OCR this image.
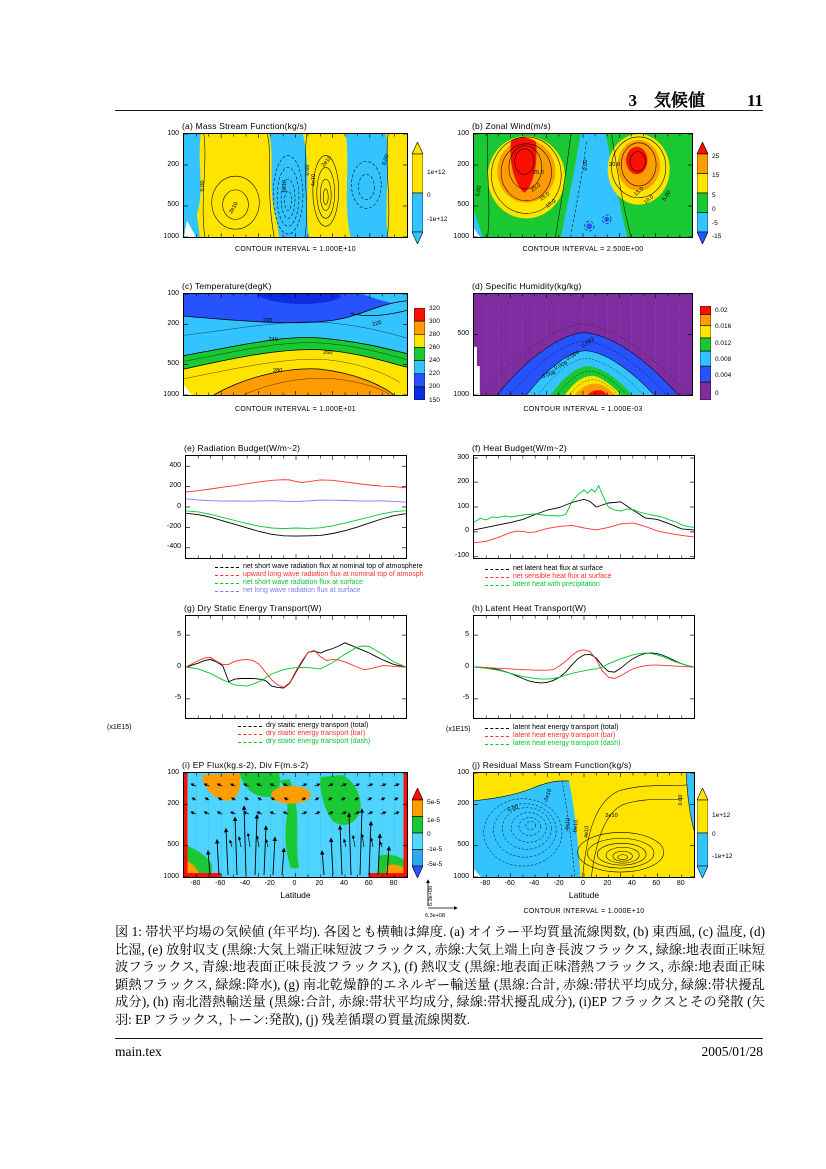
3  気候値 11
(a) Mass Stream Function(kg/s)
0.00
2e10
6e10	4e10
2e10
0.00
0.00
100
200
500
1000
CONTOUR INTERVAL = 1.000E+10
1e+12
0
-1e+12
(b) Zonal Wind(m/s)
25.0
20.0
15.0
10.0
0.00	20.0
15.0
10.0 5.00
5.00
100
200
500
1000
CONTOUR INTERVAL = 2.500E+00
25
15
5
0
-5
-15
(c) Temperature(degK)
220	220
240
260
280
100
200
500
1000
CONTOUR INTERVAL = 1.000E+01
320
300
280
260
240
220
200
150
(d) Specific Humidity(kg/kg)
0.002
0.004
0.006
0.008
500
1000
CONTOUR INTERVAL = 1.000E-03
0.02
0.016
0.012
0.008
0.004
0
(e) Radiation Budget(W/m~2)
400
200
0
-200
-400
(f) Heat Budget(W/m~2)
300
200
100
0
-100
(g) Dry Static Energy Transport(W)
5
0
-5
(h) Latent Heat Transport(W)
5
0
-5
(i) EP Flux(kg.s-2), Div F(m.s-2)
100
200
500
1000
-80	-60	-40	-20	0	20	40	60	80
Latitude
5e-5
1e-5
0
-1e-5
-5e-5
(j) Residual Mass Stream Function(kg/s)
0.00
-2e10
-4e10 -6e10 4e10
2e10
0.00
100
200
500
1000
-80	-60	-40	-20	0	20	40	60	80
Latitude
CONTOUR INTERVAL = 1.000E+10
1e+12
0
-1e+12
net short wave radiation flux at nominal top of atmosphere
upward long wave radiation flux at nominal top of atmosph
net short wave radiation flux at surface
net long wave radiation flux at surface
net latent heat flux at surface
net sensible heat flux at surface
latent heat with precipitation
dry staitic energy transport (total)
dry staitic energy transport (bar)
dry staitic energy transport (dash)
latent heat energy transport (total)
latent heat energy transport (bar)
latent heat energy transport (dash)
(x1E15)	(x1E15)
6.3e+08
6.3e+08

図 1: 帯状平均場の気候値 (年平均). 各図とも横軸は緯度. (a) オイラー平均質量流線関数, (b) 東西風, (c) 温度, (d) 比湿, (e) 放射収支 (黒線:大気上端正味短波フラックス, 赤線:大気上端上向き長波フラックス, 緑線:地表面正味短波フラックス, 青線:地表面正味長波フラックス), (f) 熱収支 (黒線:地表面正味潜熱フラックス, 赤線:地表面正味顕熱フラックス, 緑線:降水), (g) 南北乾燥静的エネルギー輸送量 (黒線:合計, 赤線:帯状平均成分, 緑線:帯状擾乱成分), (h) 南北潜熱輸送量 (黒線:合計, 赤線:帯状平均成分, 緑線:帯状擾乱成分), (i)EP フラックスとその発散 (矢羽: EP フラックス, トーン:発散), (j) 残差循環の質量流線関数.

main.tex	2005/01/28
